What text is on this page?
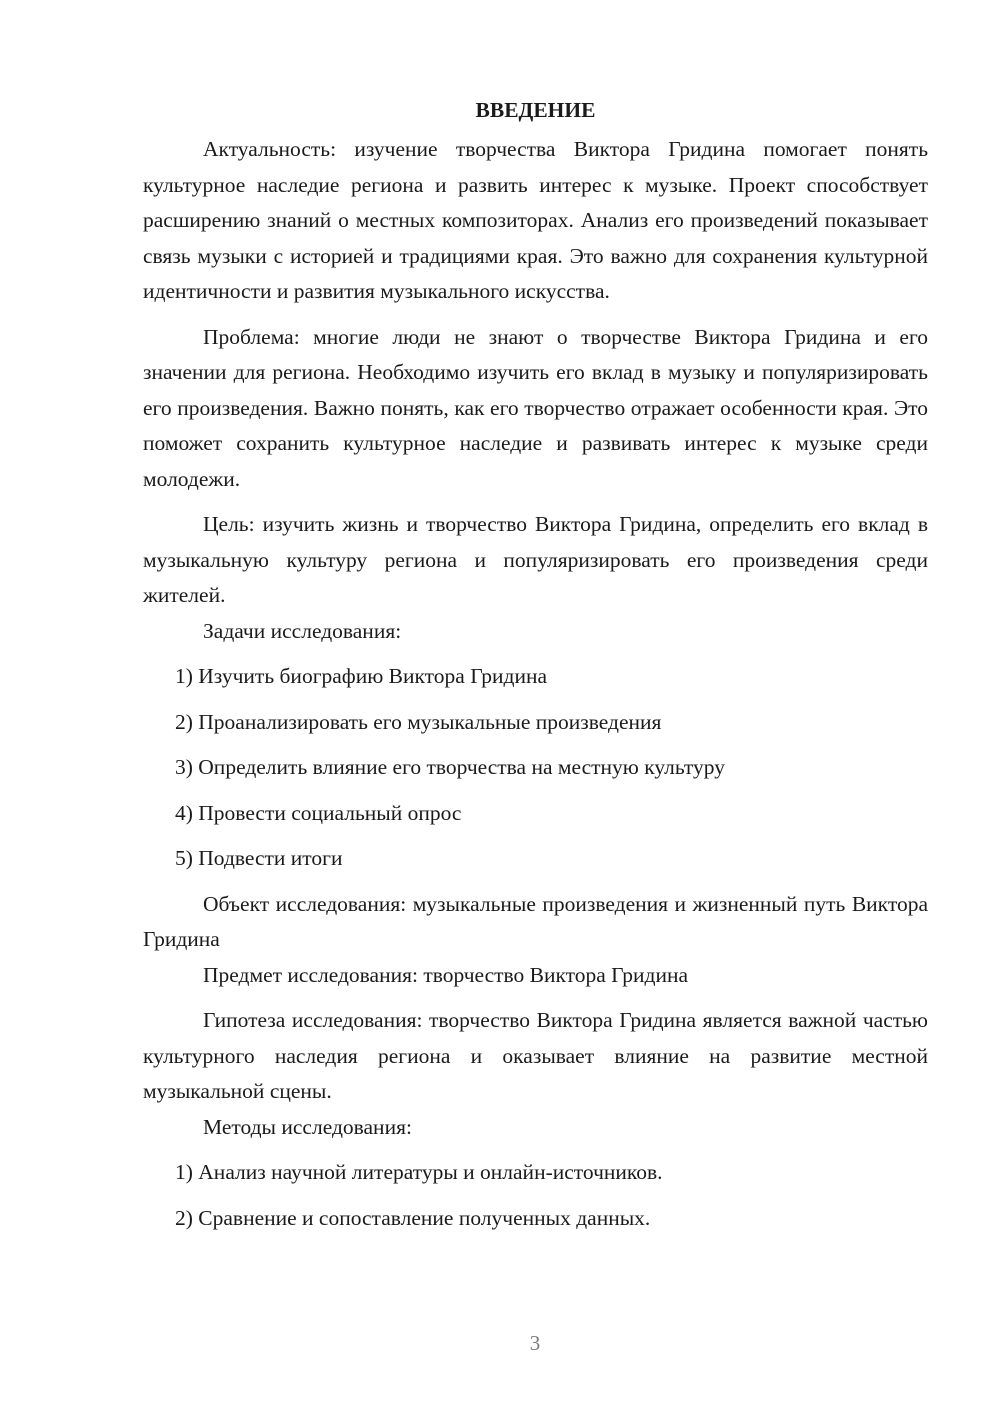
ВВЕДЕНИЕ

Актуальность: изучение творчества Виктора Гридина помогает понять культурное наследие региона и развить интерес к музыке. Проект способствует расширению знаний о местных композиторах. Анализ его произведений показывает связь музыки с историей и традициями края. Это важно для сохранения культурной идентичности и развития музыкального искусства.

Проблема: многие люди не знают о творчестве Виктора Гридина и его значении для региона. Необходимо изучить его вклад в музыку и популяризировать его произведения. Важно понять, как его творчество отражает особенности края. Это поможет сохранить культурное наследие и развивать интерес к музыке среди молодежи.

Цель: изучить жизнь и творчество Виктора Гридина, определить его вклад в музыкальную культуру региона и популяризировать его произведения среди жителей.

Задачи исследования:

1) Изучить биографию Виктора Гридина

2) Проанализировать его музыкальные произведения

3) Определить влияние его творчества на местную культуру

4) Провести социальный опрос

5) Подвести итоги

Объект исследования: музыкальные произведения и жизненный путь Виктора Гридина

Предмет исследования: творчество Виктора Гридина

Гипотеза исследования: творчество Виктора Гридина является важной частью культурного наследия региона и оказывает влияние на развитие местной музыкальной сцены.

Методы исследования:

1) Анализ научной литературы и онлайн-источников.

2) Сравнение и сопоставление полученных данных.

3
